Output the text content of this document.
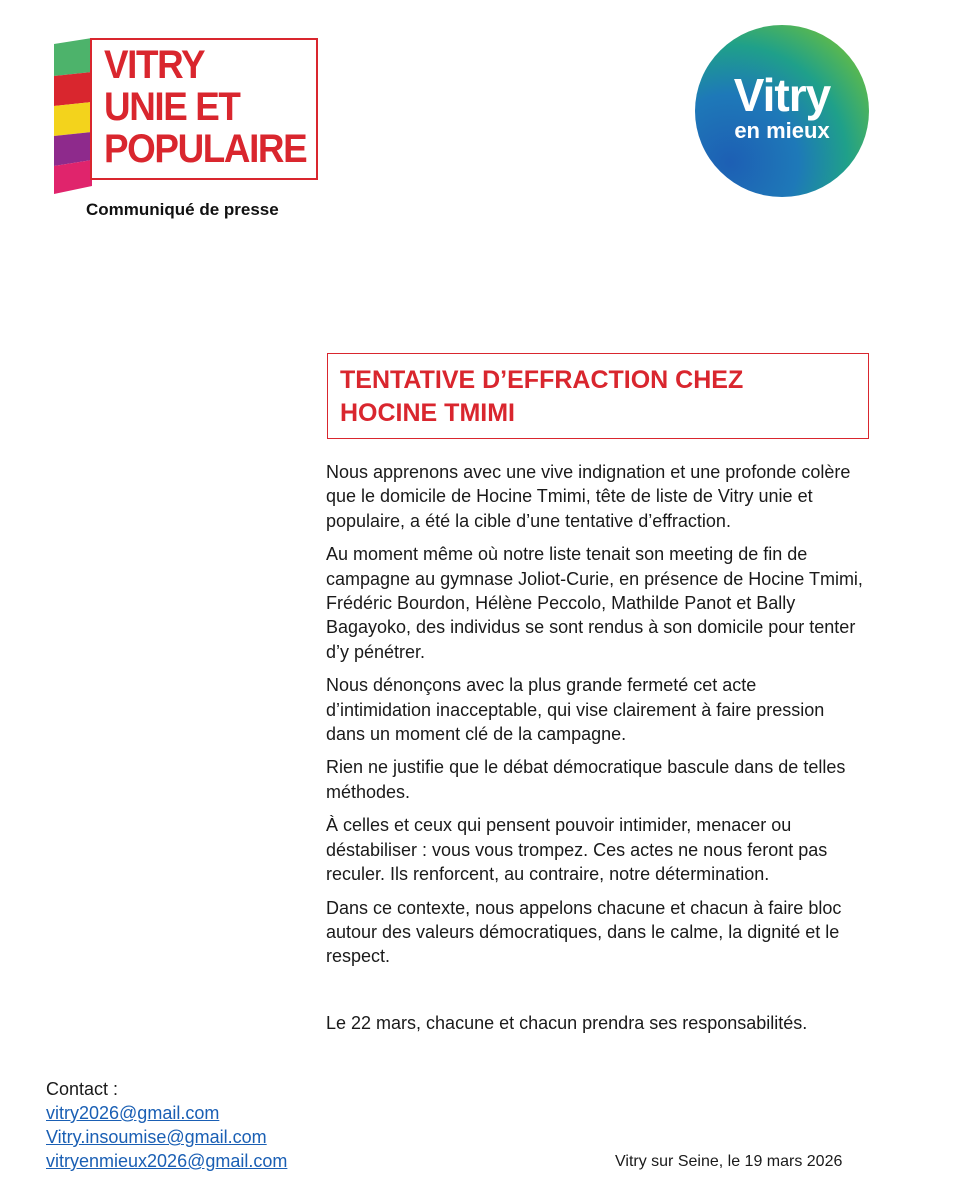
VITRY
UNIE ET
POPULAIRE
Communiqué de presse
Vitry
en mieux
TENTATIVE D’EFFRACTION CHEZ
HOCINE TMIMI

Nous apprenons avec une vive indignation et une profonde colère que le domicile de Hocine Tmimi, tête de liste de Vitry unie et populaire, a été la cible d’une tentative d’effraction.

Au moment même où notre liste tenait son meeting de fin de campagne au gymnase Joliot-Curie, en présence de Hocine Tmimi, Frédéric Bourdon, Hélène Peccolo, Mathilde Panot et Bally Bagayoko, des individus se sont rendus à son domicile pour tenter d’y pénétrer.

Nous dénonçons avec la plus grande fermeté cet acte d’intimidation inacceptable, qui vise clairement à faire pression dans un moment clé de la campagne.

Rien ne justifie que le débat démocratique bascule dans de telles méthodes.

À celles et ceux qui pensent pouvoir intimider, menacer ou déstabiliser : vous vous trompez. Ces actes ne nous feront pas reculer. Ils renforcent, au contraire, notre détermination.

Dans ce contexte, nous appelons chacune et chacun à faire bloc autour des valeurs démocratiques, dans le calme, la dignité et le respect.

Le 22 mars, chacune et chacun prendra ses responsabilités.
Contact :
vitry2026@gmail.com
Vitry.insoumise@gmail.com
vitryenmieux2026@gmail.com	Vitry sur Seine, le 19 mars 2026
